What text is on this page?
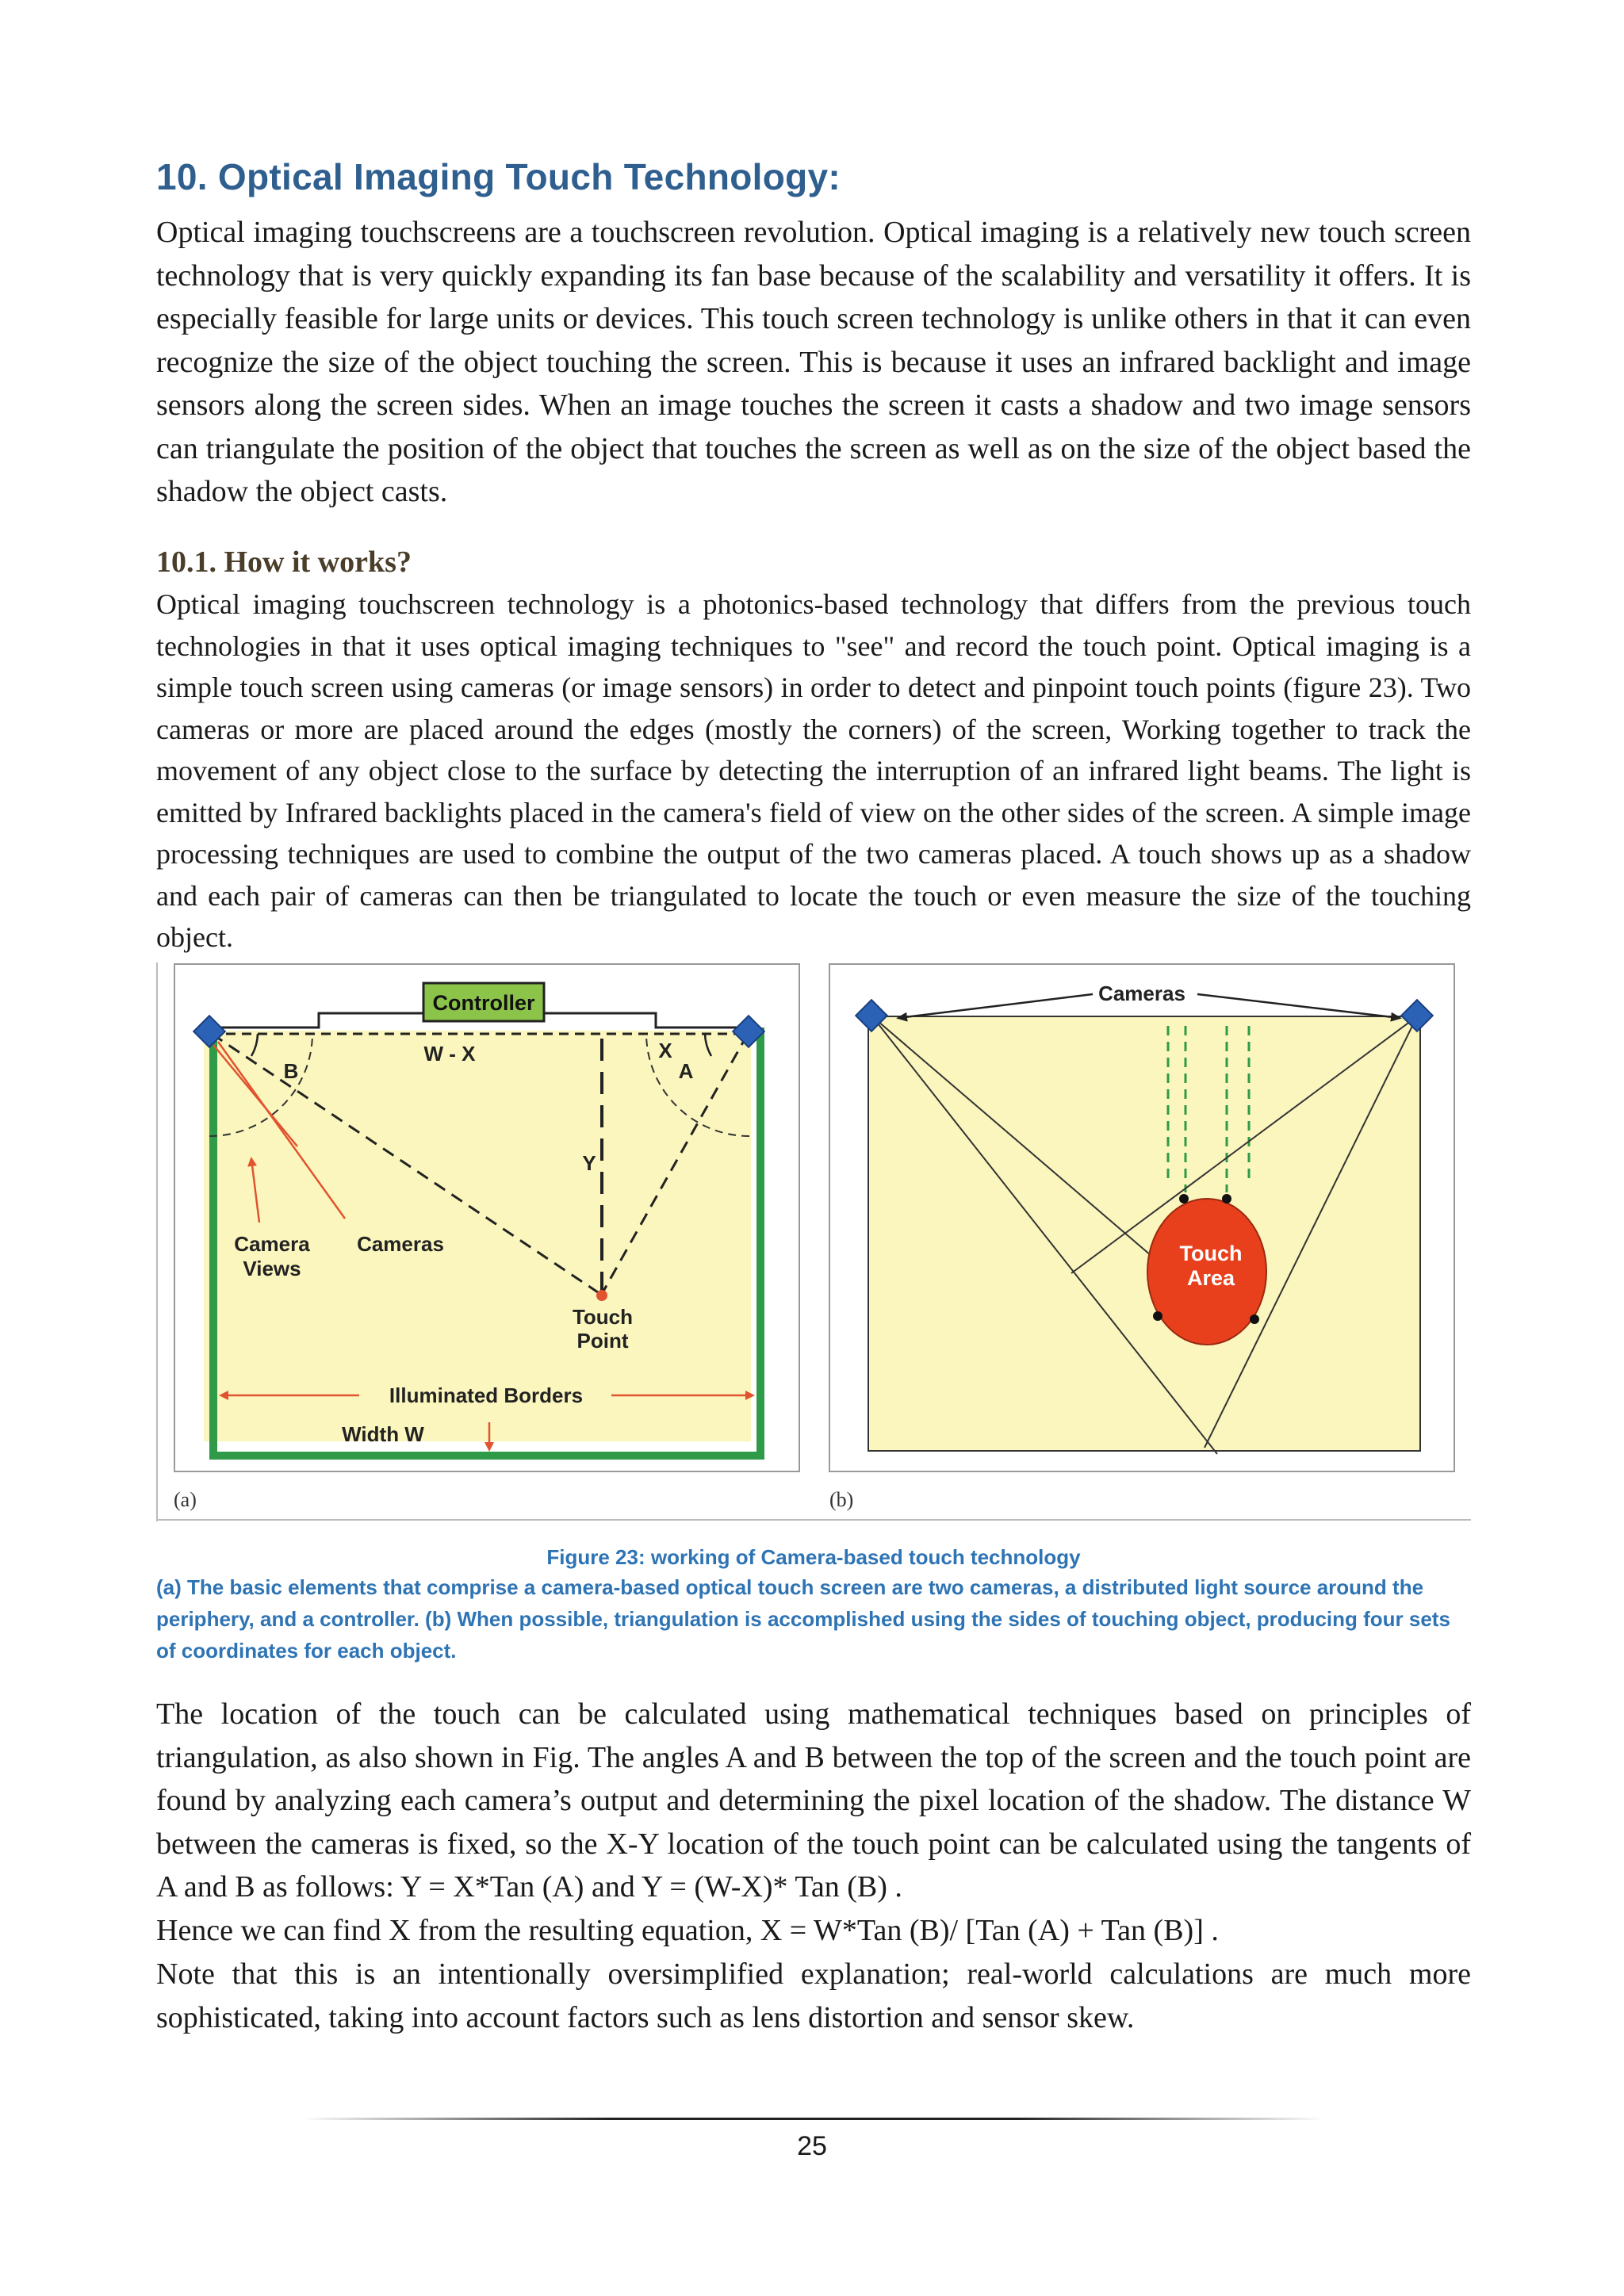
10. Optical Imaging Touch Technology:

Optical imaging touchscreens are a touchscreen revolution. Optical imaging is a relatively new touch screen technology that is very quickly expanding its fan base because of the scalability and versatility it offers. It is especially feasible for large units or devices. This touch screen technology is unlike others in that it can even recognize the size of the object touching the screen. This is because it uses an infrared backlight and image sensors along the screen sides. When an image touches the screen it casts a shadow and two image sensors can triangulate the position of the object that touches the screen as well as on the size of the object based the shadow the object casts.

10.1. How it works?

Optical imaging touchscreen technology is a photonics-based technology that differs from the previous touch technologies in that it uses optical imaging techniques to "see" and record the touch point. Optical imaging is a simple touch screen using cameras (or image sensors) in order to detect and pinpoint touch points (figure 23). Two cameras or more are placed around the edges (mostly the corners) of the screen, Working together to track the movement of any object close to the surface by detecting the interruption of an infrared light beams. The light is emitted by Infrared backlights placed in the camera's field of view on the other sides of the screen. A simple image processing techniques are used to combine the output of the two cameras placed. A touch shows up as a shadow and each pair of cameras can then be triangulated to locate the touch or even measure the size of the touching object.

Controller
W - X	X
A
B
Y
Camera
Views
Cameras
Touch
Point
Illuminated Borders
Width W
(a)
Cameras
Touch
Area
(b)

Figure 23: working of Camera-based touch technology

(a) The basic elements that comprise a camera-based optical touch screen are two cameras, a distributed light source around the periphery, and a controller. (b) When possible, triangulation is accomplished using the sides of touching object, producing four sets of coordinates for each object.

The location of the touch can be calculated using mathematical techniques based on principles of triangulation, as also shown in Fig. The angles A and B between the top of the screen and the touch point are found by analyzing each camera’s output and determining the pixel location of the shadow. The distance W between the cameras is fixed, so the X-Y location of the touch point can be calculated using the tangents of A and B as follows: Y = X*Tan (A) and Y = (W-X)* Tan (B) .

Hence we can find X from the resulting equation, X = W*Tan (B)/ [Tan (A) + Tan (B)] .

Note that this is an intentionally oversimplified explanation; real-world calculations are much more sophisticated, taking into account factors such as lens distortion and sensor skew.

25
